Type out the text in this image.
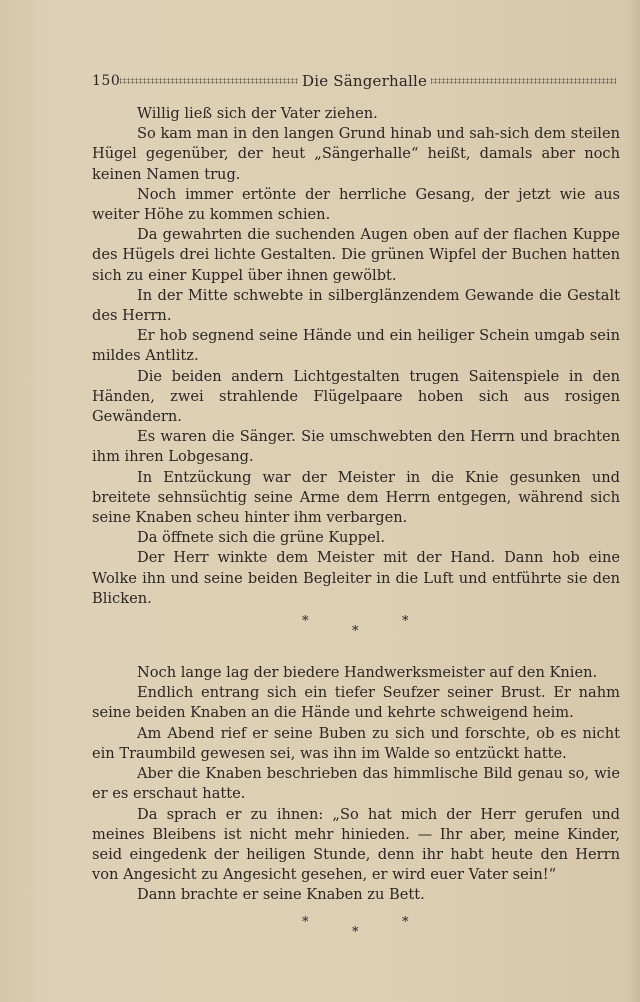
150	Die Sängerhalle

Willig ließ sich der Vater ziehen.

So kam man in den langen Grund hinab und sah-sich dem steilen Hügel gegenüber, der heut „Sängerhalle“ heißt, damals aber noch keinen Namen trug.

Noch immer ertönte der herrliche Gesang, der jetzt wie aus weiter Höhe zu kommen schien.

Da gewahrten die suchenden Augen oben auf der flachen Kuppe des Hügels drei lichte Gestalten. Die grünen Wipfel der Buchen hatten sich zu einer Kuppel über ihnen gewölbt.

In der Mitte schwebte in silberglänzendem Gewande die Gestalt des Herrn.

Er hob segnend seine Hände und ein heiliger Schein umgab sein mildes Antlitz.

Die beiden andern Lichtgestalten trugen Saitenspiele in den Händen, zwei strahlende Flügelpaare hoben sich aus rosigen Gewändern.

Es waren die Sänger. Sie umschwebten den Herrn und brachten ihm ihren Lobgesang.

In Entzückung war der Meister in die Knie gesunken und breitete sehnsüchtig seine Arme dem Herrn entgegen, während sich seine Knaben scheu hinter ihm verbargen.

Da öffnete sich die grüne Kuppel.

Der Herr winkte dem Meister mit der Hand. Dann hob eine Wolke ihn und seine beiden Begleiter in die Luft und entführte sie den Blicken.

*
*
*

Noch lange lag der biedere Handwerksmeister auf den Knien.

Endlich entrang sich ein tiefer Seufzer seiner Brust. Er nahm seine beiden Knaben an die Hände und kehrte schweigend heim.

Am Abend rief er seine Buben zu sich und forschte, ob es nicht ein Traumbild gewesen sei, was ihn im Walde so entzückt hatte.

Aber die Knaben beschrieben das himmlische Bild genau so, wie er es erschaut hatte.

Da sprach er zu ihnen: „So hat mich der Herr gerufen und meines Bleibens ist nicht mehr hinieden. — Ihr aber, meine Kinder, seid eingedenk der heiligen Stunde, denn ihr habt heute den Herrn von Angesicht zu Angesicht gesehen, er wird euer Vater sein!“

Dann brachte er seine Knaben zu Bett.

*
*
*
